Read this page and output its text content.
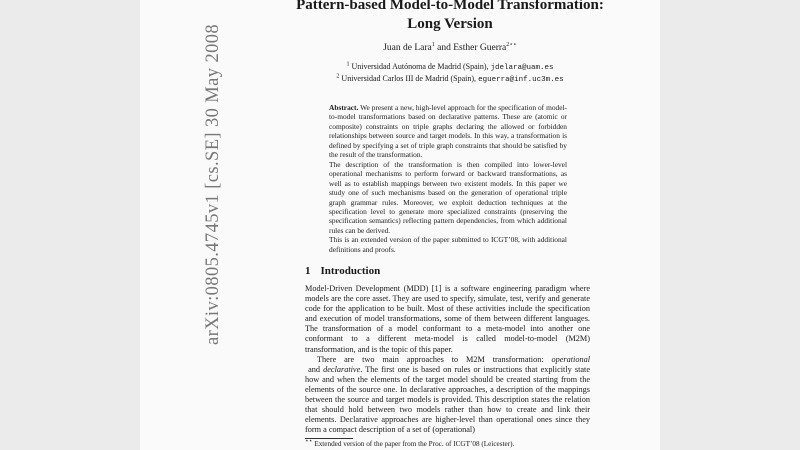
arXiv:0805.4745v1 [cs.SE] 30 May 2008
Pattern-based Model-to-Model Transformation:
Long Version
Juan de Lara$^1$ and Esther Guerra$^{2⋆⋆}$
$^1$ Universidad Autónoma de Madrid (Spain), jdelara@uam.es
$^2$ Universidad Carlos III de Madrid (Spain), eguerra@inf.uc3m.es

Abstract. We present a new, high-level approach for the specification of model-to-model transformations based on declarative patterns. These are (atomic or composite) constraints on triple graphs declaring the allowed or forbidden relationships between source and target models. In this way, a transformation is defined by specifying a set of triple graph constraints that should be satisfied by the result of the transformation.

The description of the transformation is then compiled into lower-level operational mechanisms to perform forward or backward transformations, as well as to establish mappings between two existent models. In this paper we study one of such mechanisms based on the generation of operational triple graph grammar rules. Moreover, we exploit deduction techniques at the specification level to generate more specialized constraints (preserving the specification semantics) reflecting pattern dependencies, from which additional rules can be derived.

This is an extended version of the paper submitted to ICGT’08, with additional definitions and proofs.

1 Introduction

Model-Driven Development (MDD) [1] is a software engineering paradigm where models are the core asset. They are used to specify, simulate, test, verify and generate code for the application to be built. Most of these activities include the specification and execution of model transformations, some of them between different languages. The transformation of a model conformant to a meta-model into another one conformant to a different meta-model is called model-to-model (M2M) transformation, and is the topic of this paper.

There are two main approaches to M2M transformation: operational and declarative. The first one is based on rules or instructions that explicitly state how and when the elements of the target model should be created starting from the elements of the source one. In declarative approaches, a description of the mappings between the source and target models is provided. This description states the relation that should hold between two models rather than how to create and link their elements. Declarative approaches are higher-level than operational ones since they form a compact description of a set of (operational)

⋆⋆ Extended version of the paper from the Proc. of ICGT’08 (Leicester).
